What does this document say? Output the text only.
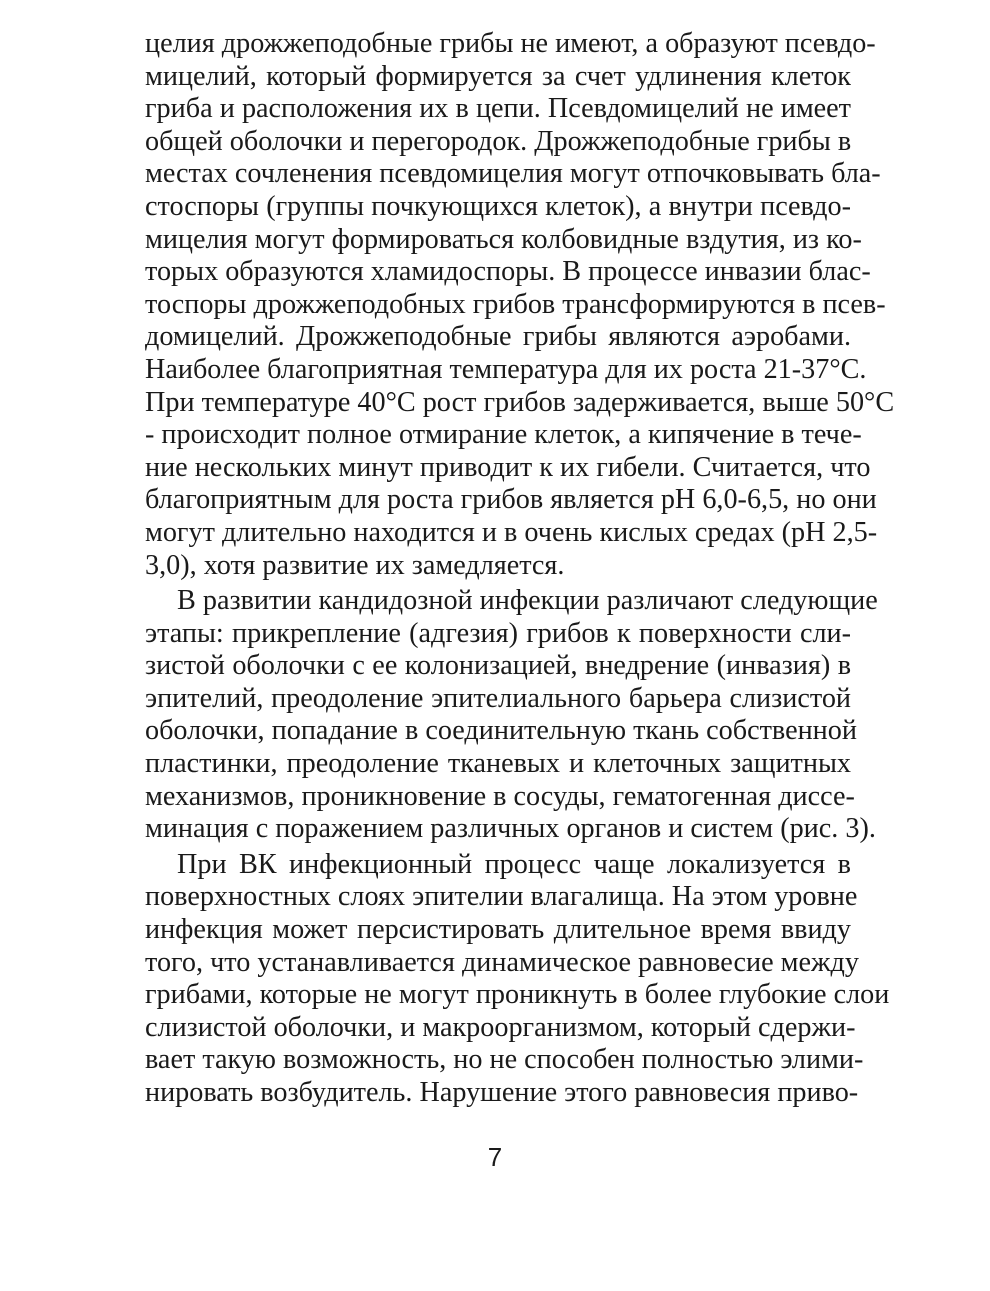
целия дрожжеподобные грибы не имеют, а образуют псевдо-
мицелий, который формируется за счет удлинения клеток
гриба и расположения их в цепи. Псевдомицелий не имеет
общей оболочки и перегородок. Дрожжеподобные грибы в
местах сочленения псевдомицелия могут отпочковывать бла-
стоспоры (группы почкующихся клеток), а внутри псевдо-
мицелия могут формироваться колбовидные вздутия, из ко-
торых образуются хламидоспоры. В процессе инвазии блас-
тоспоры дрожжеподобных грибов трансформируются в псев-
домицелий. Дрожжеподобные грибы являются аэробами.
Наиболее благоприятная температура для их роста 21-37°С.
При температуре 40°С рост грибов задерживается, выше 50°С
- происходит полное отмирание клеток, а кипячение в тече-
ние нескольких минут приводит к их гибели. Считается, что
благоприятным для роста грибов является рН 6,0-6,5, но они
могут длительно находится и в очень кислых средах (рН 2,5-
3,0), хотя развитие их замедляется.
В развитии кандидозной инфекции различают следующие
этапы: прикрепление (адгезия) грибов к поверхности сли-
зистой оболочки с ее колонизацией, внедрение (инвазия) в
эпителий, преодоление эпителиального барьера слизистой
оболочки, попадание в соединительную ткань собственной
пластинки, преодоление тканевых и клеточных защитных
механизмов, проникновение в сосуды, гематогенная диссе-
минация с поражением различных органов и систем (рис. 3).
При ВК инфекционный процесс чаще локализуется в
поверхностных слоях эпителии влагалища. На этом уровне
инфекция может персистировать длительное время ввиду
того, что устанавливается динамическое равновесие между
грибами, которые не могут проникнуть в более глубокие слои
слизистой оболочки, и макроорганизмом, который сдержи-
вает такую возможность, но не способен полностью элими-
нировать возбудитель. Нарушение этого равновесия приво-
7
